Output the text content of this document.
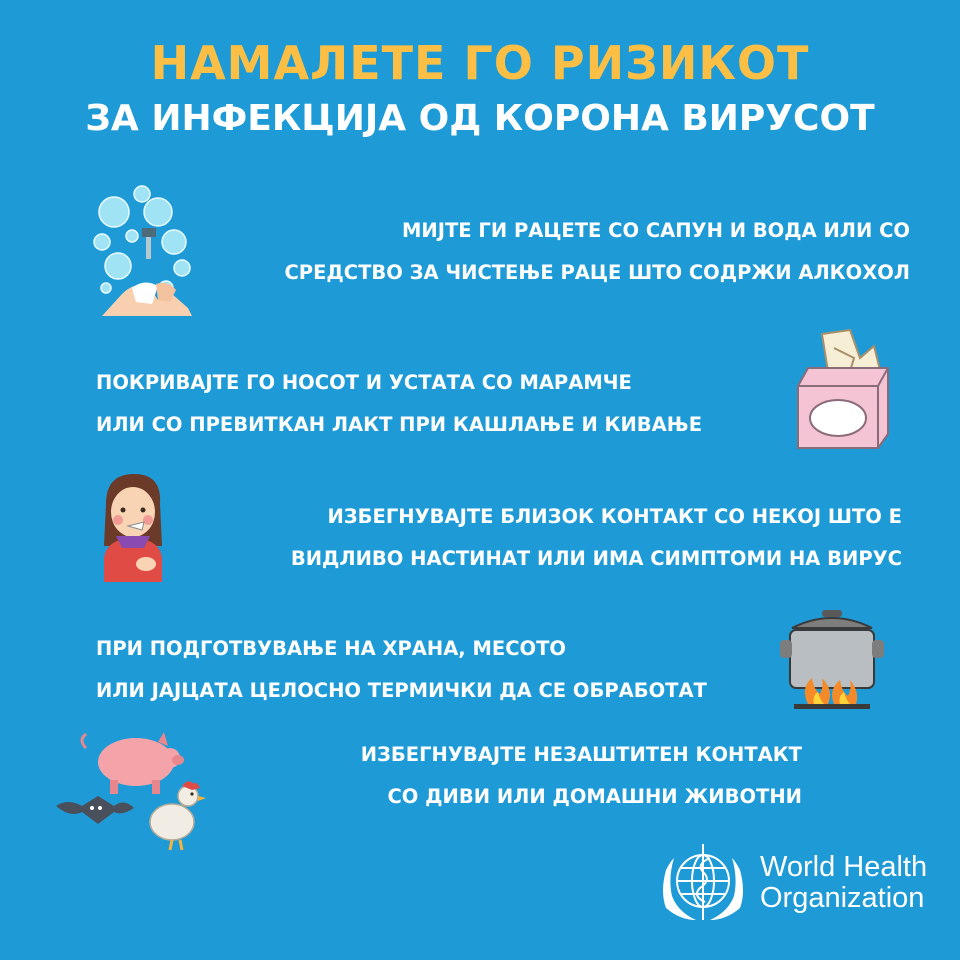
НАМАЛЕТЕ ГО РИЗИКОТ
ЗА ИНФЕКЦИЈА ОД КОРОНА ВИРУСОТ
МИЈТЕ ГИ РАЦЕТЕ СО САПУН И ВОДА ИЛИ СО
СРЕДСТВО ЗА ЧИСТЕЊЕ РАЦЕ ШТО СОДРЖИ АЛКОХОЛ
ПОКРИВАЈТЕ ГО НОСОТ И УСТАТА СО МАРАМЧЕ
ИЛИ СО ПРЕВИТКАН ЛАКТ ПРИ КАШЛАЊЕ И КИВАЊЕ
ИЗБЕГНУВАЈТЕ БЛИЗОК КОНТАКТ СО НЕКОЈ ШТО Е
ВИДЛИВО НАСТИНАТ ИЛИ ИМА СИМПТОМИ НА ВИРУС
ПРИ ПОДГОТВУВАЊЕ НА ХРАНА, МЕСОТО
ИЛИ ЈАЈЦАТА ЦЕЛОСНО ТЕРМИЧКИ ДА СЕ ОБРАБОТАТ
ИЗБЕГНУВАЈТЕ НЕЗАШТИТЕН КОНТАКТ
СО ДИВИ ИЛИ ДОМАШНИ ЖИВОТНИ
World Health
Organization
